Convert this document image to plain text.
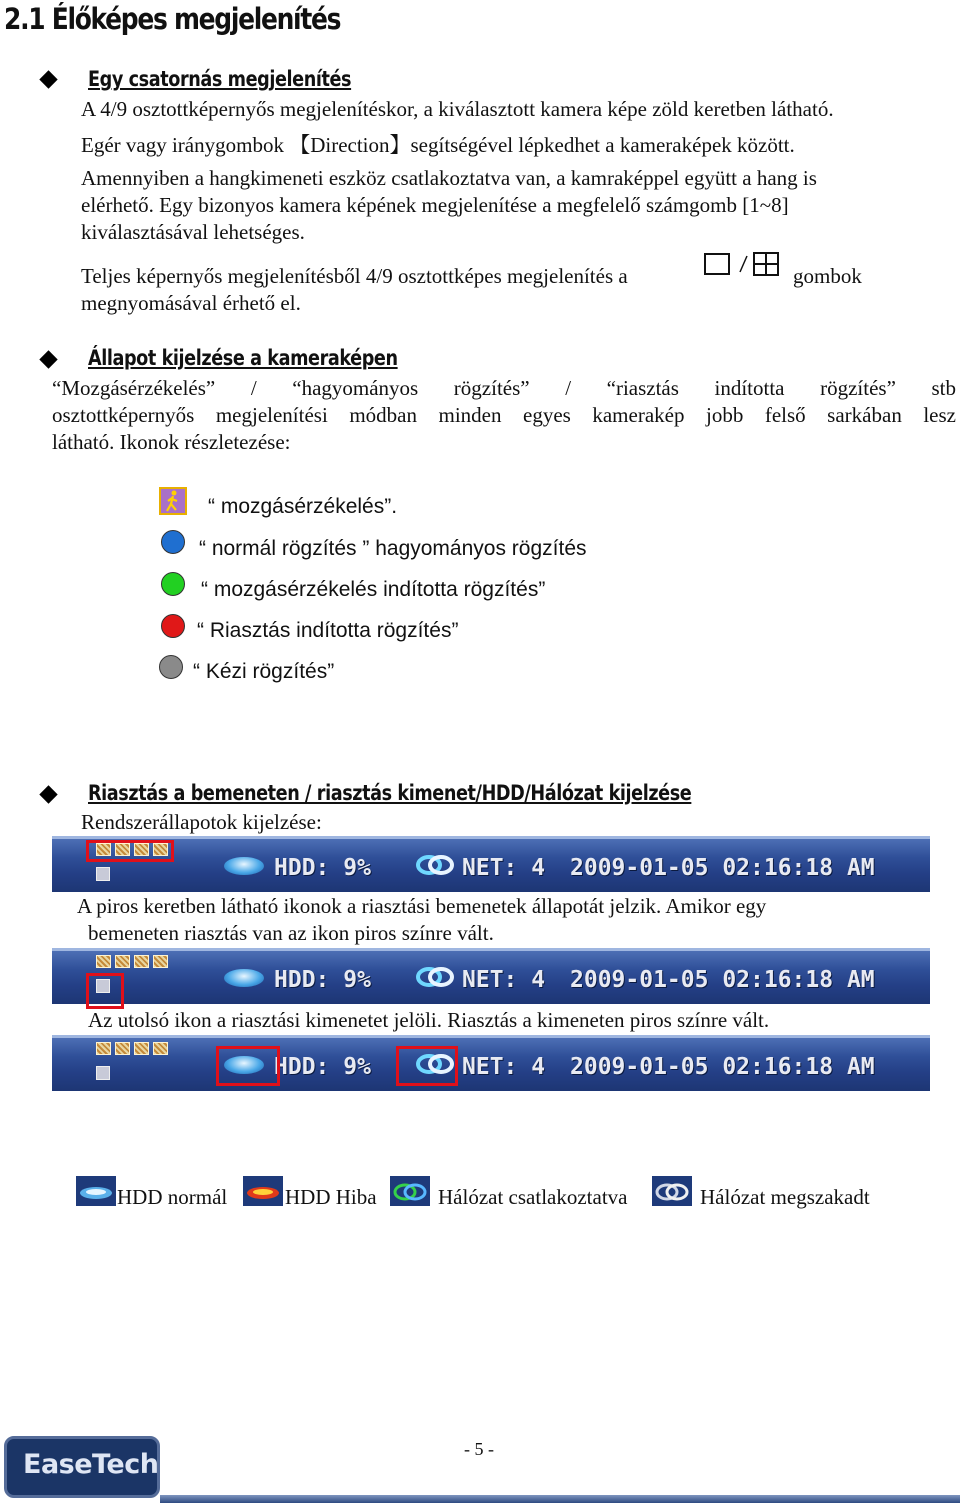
2.1 Élőképes megjelenítés
Egy csatornás megjelenítés
A 4/9 osztottképernyős megjelenítéskor, a kiválasztott kamera képe zöld keretben látható.
Egér vagy iránygombok 【Direction】segítségével lépkedhet a kameraképek között.
Amennyiben a hangkimeneti eszköz csatlakoztatva van, a kamraképpel együtt a hang is
elérhető. Egy bizonyos kamera képének megjelenítése a megfelelő számgomb [1~8]
kiválasztásával lehetséges.
Teljes képernyős megjelenítésből 4/9 osztottképes megjelenítés a	gombok
megnyomásával érhető el.
Állapot kijelzése a kameraképen
“Mozgásérzékelés” / “hagyományos rögzítés” / “riasztás indította rögzítés” stb
osztottképernyős megjelenítési módban minden egyes kamerakép jobb felső sarkában lesz
látható. Ikonok részletezése:
“ mozgásérzékelés”.
“ normál rögzítés ” hagyományos rögzítés
“ mozgásérzékelés indította rögzítés”
“ Riasztás indította rögzítés”
“ Kézi rögzítés”
Riasztás a bemeneten / riasztás kimenet/HDD/Hálózat kijelzése
Rendszerállapotok kijelzése:
HDD: 9%	NET: 4 2009-01-05 02:16:18 AM
A piros keretben látható ikonok a riasztási bemenetek állapotát jelzik. Amikor egy
bemeneten riasztás van az ikon piros színre vált.
HDD: 9%	NET: 4 2009-01-05 02:16:18 AM
Az utolsó ikon a riasztási kimenetet jelöli. Riasztás a kimeneten piros színre vált.
HDD: 9%	NET: 4 2009-01-05 02:16:18 AM
HDD normál	HDD Hiba	Hálózat csatlakoztatva	Hálózat megszakadt
- 5 -
EaseTech
